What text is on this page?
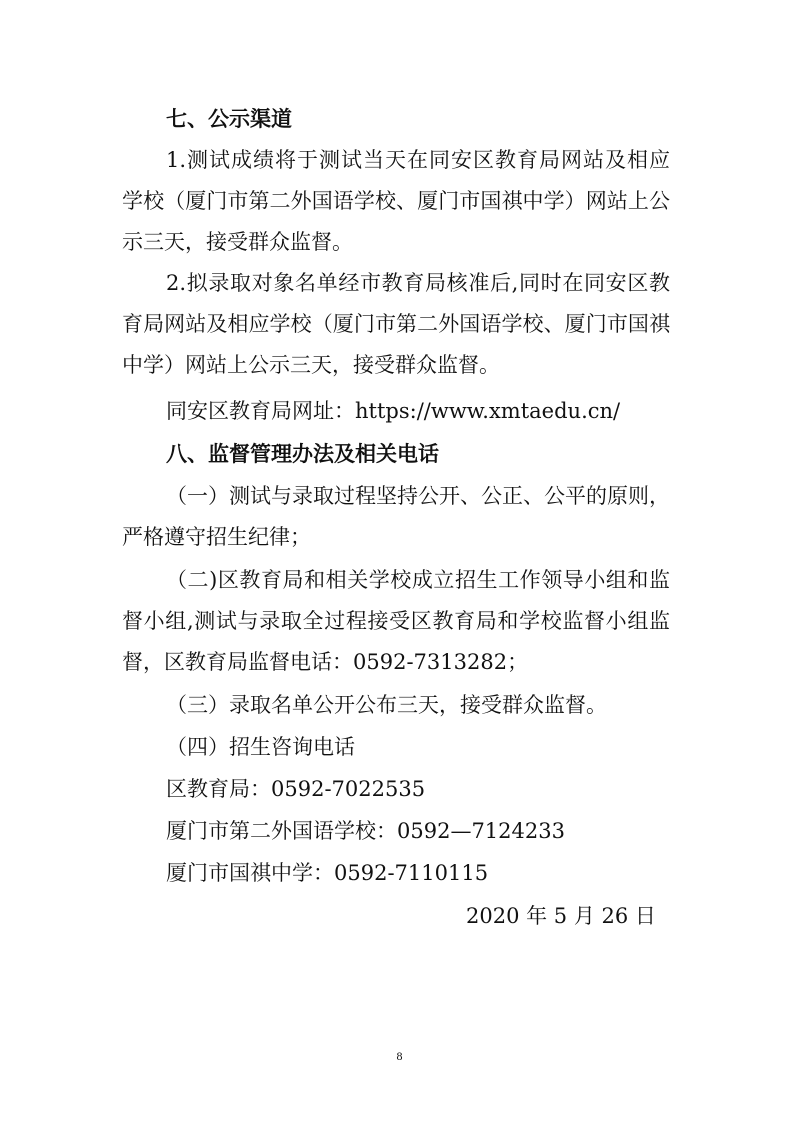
七、公示渠道
1.测试成绩将于测试当天在同安区教育局网站及相应
学校（厦门市第二外国语学校、厦门市国祺中学）网站上公
示三天，接受群众监督。
2.拟录取对象名单经市教育局核准后,同时在同安区教
育局网站及相应学校（厦门市第二外国语学校、厦门市国祺
中学）网站上公示三天，接受群众监督。
同安区教育局网址：https://www.xmtaedu.cn/
八、监督管理办法及相关电话
（一）测试与录取过程坚持公开、公正、公平的原则，
严格遵守招生纪律；
（二)区教育局和相关学校成立招生工作领导小组和监
督小组,测试与录取全过程接受区教育局和学校监督小组监
督，区教育局监督电话：0592-7313282；
（三）录取名单公开公布三天，接受群众监督。
（四）招生咨询电话
区教育局：0592-7022535
厦门市第二外国语学校：0592—7124233
厦门市国祺中学：0592-7110115
2020 年 5 月 26 日
8
